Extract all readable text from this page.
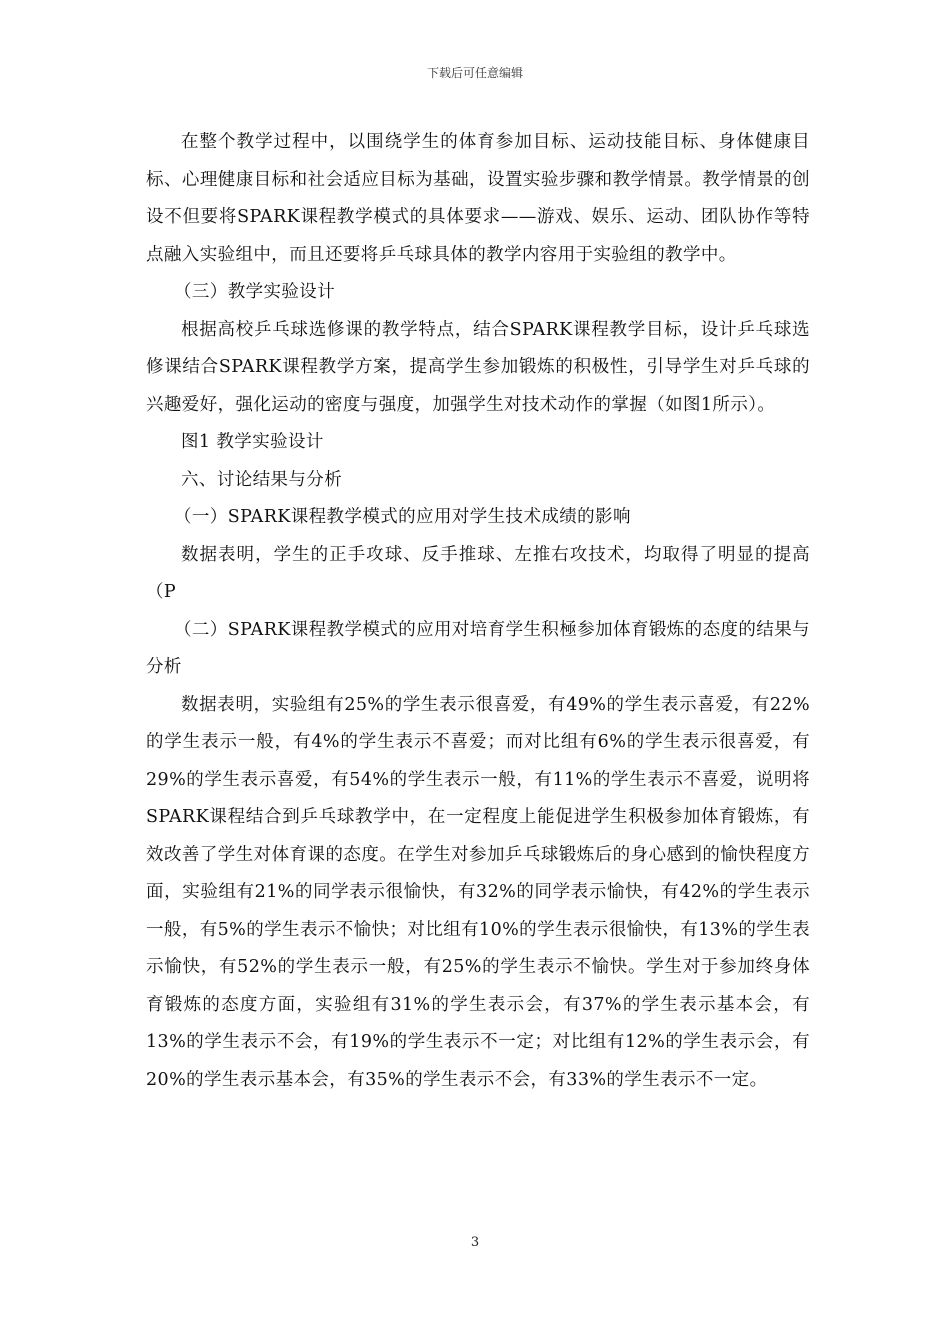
下载后可任意编辑

在整个教学过程中，以围绕学生的体育参加目标、运动技能目标、身体健康目标、心理健康目标和社会适应目标为基础，设置实验步骤和教学情景。教学情景的创设不但要将SPARK课程教学模式的具体要求——游戏、娱乐、运动、团队协作等特点融入实验组中，而且还要将乒乓球具体的教学内容用于实验组的教学中。

（三）教学实验设计

根据高校乒乓球选修课的教学特点，结合SPARK课程教学目标，设计乒乓球选修课结合SPARK课程教学方案，提高学生参加锻炼的积极性，引导学生对乒乓球的兴趣爱好，强化运动的密度与强度，加强学生对技术动作的掌握（如图1所示）。

图1 教学实验设计

六、讨论结果与分析

（一）SPARK课程教学模式的应用对学生技术成绩的影响

数据表明，学生的正手攻球、反手推球、左推右攻技术，均取得了明显的提高（P

（二）SPARK课程教学模式的应用对培育学生积極参加体育锻炼的态度的结果与分析

数据表明，实验组有25%的学生表示很喜爱，有49%的学生表示喜爱，有22%的学生表示一般，有4%的学生表示不喜爱；而对比组有6%的学生表示很喜爱，有29%的学生表示喜爱，有54%的学生表示一般，有11%的学生表示不喜爱，说明将SPARK课程结合到乒乓球教学中，在一定程度上能促进学生积极参加体育锻炼，有效改善了学生对体育课的态度。在学生对参加乒乓球锻炼后的身心感到的愉快程度方面，实验组有21%的同学表示很愉快，有32%的同学表示愉快，有42%的学生表示一般，有5%的学生表示不愉快；对比组有10%的学生表示很愉快，有13%的学生表示愉快，有52%的学生表示一般，有25%的学生表示不愉快。学生对于参加终身体育锻炼的态度方面，实验组有31%的学生表示会，有37%的学生表示基本会，有13%的学生表示不会，有19%的学生表示不一定；对比组有12%的学生表示会，有20%的学生表示基本会，有35%的学生表示不会，有33%的学生表示不一定。

3
